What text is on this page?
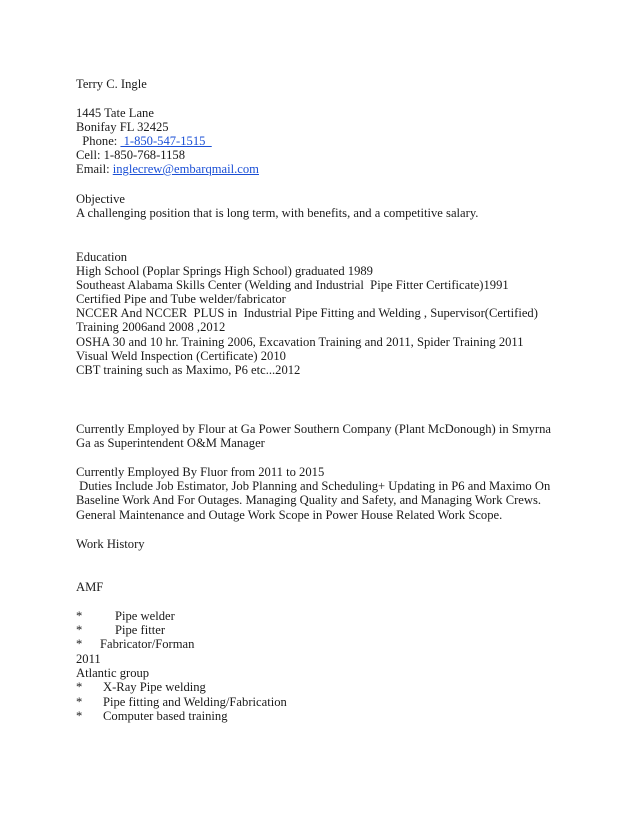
Terry C. Ingle
1445 Tate Lane
Bonifay FL 32425
Phone:  1-850-547-1515
Cell: 1-850-768-1158
Email: inglecrew@embarqmail.com
Objective
A challenging position that is long term, with benefits, and a competitive salary.
Education
High School (Poplar Springs High School) graduated 1989
Southeast Alabama Skills Center (Welding and Industrial  Pipe Fitter Certificate)1991
Certified Pipe and Tube welder/fabricator
NCCER And NCCER  PLUS in  Industrial Pipe Fitting and Welding , Supervisor(Certified)
Training 2006and 2008 ,2012
OSHA 30 and 10 hr. Training 2006, Excavation Training and 2011, Spider Training 2011
Visual Weld Inspection (Certificate) 2010
CBT training such as Maximo, P6 etc...2012
Currently Employed by Flour at Ga Power Southern Company (Plant McDonough) in Smyrna
Ga as Superintendent O&M Manager
Currently Employed By Fluor from 2011 to 2015
Duties Include Job Estimator, Job Planning and Scheduling+ Updating in P6 and Maximo On
Baseline Work And For Outages. Managing Quality and Safety, and Managing Work Crews.
General Maintenance and Outage Work Scope in Power House Related Work Scope.
Work History
AMF
*	Pipe welder
*	Pipe fitter
* Fabricator/Forman
2011
Atlantic group
* X-Ray Pipe welding
* Pipe fitting and Welding/Fabrication
* Computer based training
